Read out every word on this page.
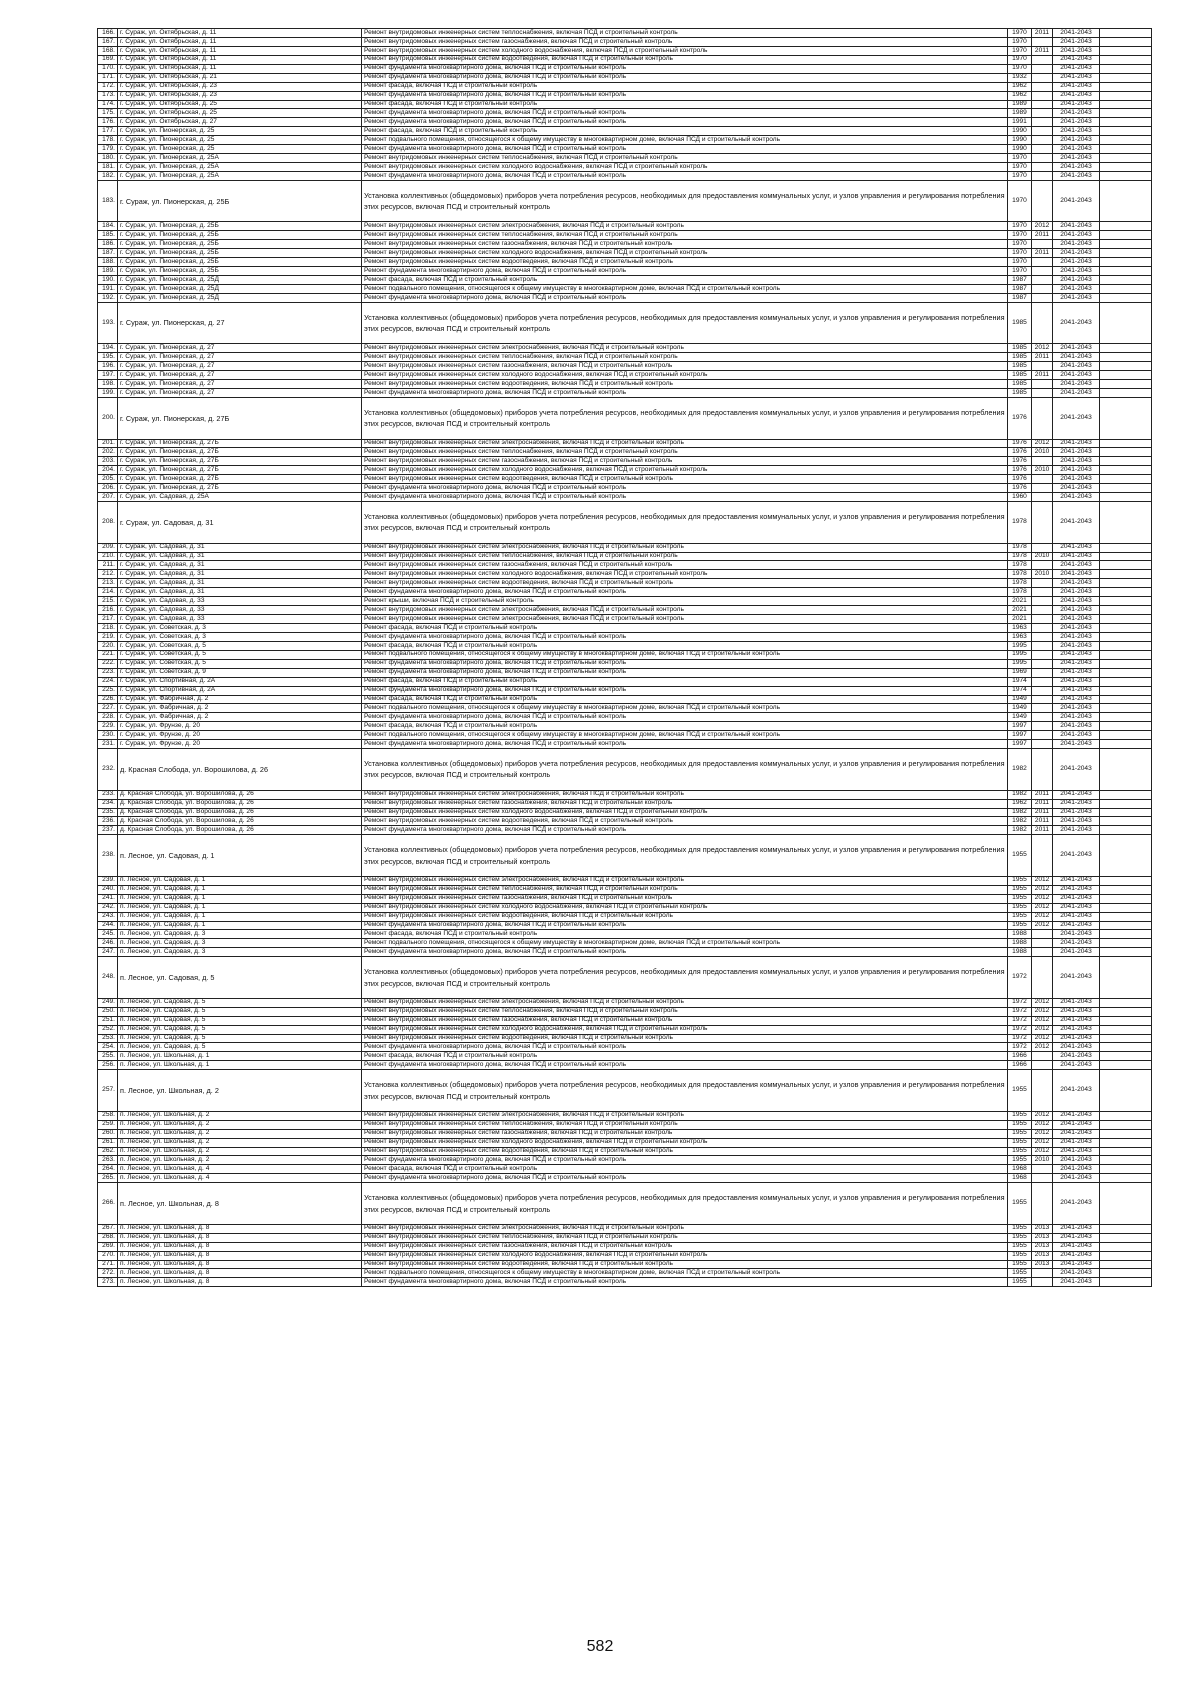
166.	г. Сураж, ул. Октябрьская, д. 11	Ремонт внутридомовых инженерных систем теплоснабжения, включая ПСД и строительный контроль	1970	2011	2041-2043	
167.	г. Сураж, ул. Октябрьская, д. 11	Ремонт внутридомовых инженерных систем газоснабжения, включая ПСД и строительный контроль	1970		2041-2043	
168.	г. Сураж, ул. Октябрьская, д. 11	Ремонт внутридомовых инженерных систем холодного водоснабжения, включая ПСД и строительный контроль	1970	2011	2041-2043	
169.	г. Сураж, ул. Октябрьская, д. 11	Ремонт внутридомовых инженерных систем водоотведения, включая ПСД и строительный контроль	1970		2041-2043	
170.	г. Сураж, ул. Октябрьская, д. 11	Ремонт фундамента многоквартирного дома, включая ПСД и строительный контроль	1970		2041-2043	
171.	г. Сураж, ул. Октябрьская, д. 21	Ремонт фундамента многоквартирного дома, включая ПСД и строительный контроль	1932		2041-2043	
172.	г. Сураж, ул. Октябрьская, д. 23	Ремонт фасада, включая ПСД и строительный контроль	1962		2041-2043	
173.	г. Сураж, ул. Октябрьская, д. 23	Ремонт фундамента многоквартирного дома, включая ПСД и строительный контроль	1962		2041-2043	
174.	г. Сураж, ул. Октябрьская, д. 25	Ремонт фасада, включая ПСД и строительный контроль	1989		2041-2043	
175.	г. Сураж, ул. Октябрьская, д. 25	Ремонт фундамента многоквартирного дома, включая ПСД и строительный контроль	1989		2041-2043	
176.	г. Сураж, ул. Октябрьская, д. 27	Ремонт фундамента многоквартирного дома, включая ПСД и строительный контроль	1991		2041-2043	
177.	г. Сураж, ул. Пионерская, д. 25	Ремонт фасада, включая ПСД и строительный контроль	1990		2041-2043	
178.	г. Сураж, ул. Пионерская, д. 25	Ремонт подвального помещения, относящегося к общему имуществу в многоквартирном доме, включая ПСД и строительный контроль	1990		2041-2043	
179.	г. Сураж, ул. Пионерская, д. 25	Ремонт фундамента многоквартирного дома, включая ПСД и строительный контроль	1990		2041-2043	
180.	г. Сураж, ул. Пионерская, д. 25А	Ремонт внутридомовых инженерных систем теплоснабжения, включая ПСД и строительный контроль	1970		2041-2043	
181.	г. Сураж, ул. Пионерская, д. 25А	Ремонт внутридомовых инженерных систем холодного водоснабжения, включая ПСД и строительный контроль	1970		2041-2043	
182.	г. Сураж, ул. Пионерская, д. 25А	Ремонт фундамента многоквартирного дома, включая ПСД и строительный контроль	1970		2041-2043	
183.	г. Сураж, ул. Пионерская, д. 25Б	Установка коллективных (общедомовых) приборов учета потребления ресурсов, необходимых для предоставления коммунальных услуг, и узлов управления и регулирования потребления этих ресурсов, включая ПСД и строительный контроль	1970		2041-2043	
184.	г. Сураж, ул. Пионерская, д. 25Б	Ремонт внутридомовых инженерных систем электроснабжения, включая ПСД и строительный контроль	1970	2012	2041-2043	
185.	г. Сураж, ул. Пионерская, д. 25Б	Ремонт внутридомовых инженерных систем теплоснабжения, включая ПСД и строительный контроль	1970	2011	2041-2043	
186.	г. Сураж, ул. Пионерская, д. 25Б	Ремонт внутридомовых инженерных систем газоснабжения, включая ПСД и строительный контроль	1970		2041-2043	
187.	г. Сураж, ул. Пионерская, д. 25Б	Ремонт внутридомовых инженерных систем холодного водоснабжения, включая ПСД и строительный контроль	1970	2011	2041-2043	
188.	г. Сураж, ул. Пионерская, д. 25Б	Ремонт внутридомовых инженерных систем водоотведения, включая ПСД и строительный контроль	1970		2041-2043	
189.	г. Сураж, ул. Пионерская, д. 25Б	Ремонт фундамента многоквартирного дома, включая ПСД и строительный контроль	1970		2041-2043	
190.	г. Сураж, ул. Пионерская, д. 25Д	Ремонт фасада, включая ПСД и строительный контроль	1987		2041-2043	
191.	г. Сураж, ул. Пионерская, д. 25Д	Ремонт подвального помещения, относящегося к общему имуществу в многоквартирном доме, включая ПСД и строительный контроль	1987		2041-2043	
192.	г. Сураж, ул. Пионерская, д. 25Д	Ремонт фундамента многоквартирного дома, включая ПСД и строительный контроль	1987		2041-2043	
193.	г. Сураж, ул. Пионерская, д. 27	Установка коллективных (общедомовых) приборов учета потребления ресурсов, необходимых для предоставления коммунальных услуг, и узлов управления и регулирования потребления этих ресурсов, включая ПСД и строительный контроль	1985		2041-2043	
194.	г. Сураж, ул. Пионерская, д. 27	Ремонт внутридомовых инженерных систем электроснабжения, включая ПСД и строительный контроль	1985	2012	2041-2043	
195.	г. Сураж, ул. Пионерская, д. 27	Ремонт внутридомовых инженерных систем теплоснабжения, включая ПСД и строительный контроль	1985	2011	2041-2043	
196.	г. Сураж, ул. Пионерская, д. 27	Ремонт внутридомовых инженерных систем газоснабжения, включая ПСД и строительный контроль	1985		2041-2043	
197.	г. Сураж, ул. Пионерская, д. 27	Ремонт внутридомовых инженерных систем холодного водоснабжения, включая ПСД и строительный контроль	1985	2011	2041-2043	
198.	г. Сураж, ул. Пионерская, д. 27	Ремонт внутридомовых инженерных систем водоотведения, включая ПСД и строительный контроль	1985		2041-2043	
199.	г. Сураж, ул. Пионерская, д. 27	Ремонт фундамента многоквартирного дома, включая ПСД и строительный контроль	1985		2041-2043	
200.	г. Сураж, ул. Пионерская, д. 27Б	Установка коллективных (общедомовых) приборов учета потребления ресурсов, необходимых для предоставления коммунальных услуг, и узлов управления и регулирования потребления этих ресурсов, включая ПСД и строительный контроль	1976		2041-2043	
201.	г. Сураж, ул. Пионерская, д. 27Б	Ремонт внутридомовых инженерных систем электроснабжения, включая ПСД и строительный контроль	1976	2012	2041-2043	
202.	г. Сураж, ул. Пионерская, д. 27Б	Ремонт внутридомовых инженерных систем теплоснабжения, включая ПСД и строительный контроль	1976	2010	2041-2043	
203.	г. Сураж, ул. Пионерская, д. 27Б	Ремонт внутридомовых инженерных систем газоснабжения, включая ПСД и строительный контроль	1976		2041-2043	
204.	г. Сураж, ул. Пионерская, д. 27Б	Ремонт внутридомовых инженерных систем холодного водоснабжения, включая ПСД и строительный контроль	1976	2010	2041-2043	
205.	г. Сураж, ул. Пионерская, д. 27Б	Ремонт внутридомовых инженерных систем водоотведения, включая ПСД и строительный контроль	1976		2041-2043	
206.	г. Сураж, ул. Пионерская, д. 27Б	Ремонт фундамента многоквартирного дома, включая ПСД и строительный контроль	1976		2041-2043	
207.	г. Сураж, ул. Садовая, д. 25А	Ремонт фундамента многоквартирного дома, включая ПСД и строительный контроль	1960		2041-2043	
208.	г. Сураж, ул. Садовая, д. 31	Установка коллективных (общедомовых) приборов учета потребления ресурсов, необходимых для предоставления коммунальных услуг, и узлов управления и регулирования потребления этих ресурсов, включая ПСД и строительный контроль	1978		2041-2043	
209.	г. Сураж, ул. Садовая, д. 31	Ремонт внутридомовых инженерных систем электроснабжения, включая ПСД и строительный контроль	1978		2041-2043	
210.	г. Сураж, ул. Садовая, д. 31	Ремонт внутридомовых инженерных систем теплоснабжения, включая ПСД и строительный контроль	1978	2010	2041-2043	
211.	г. Сураж, ул. Садовая, д. 31	Ремонт внутридомовых инженерных систем газоснабжения, включая ПСД и строительный контроль	1978		2041-2043	
212.	г. Сураж, ул. Садовая, д. 31	Ремонт внутридомовых инженерных систем холодного водоснабжения, включая ПСД и строительный контроль	1978	2010	2041-2043	
213.	г. Сураж, ул. Садовая, д. 31	Ремонт внутридомовых инженерных систем водоотведения, включая ПСД и строительный контроль	1978		2041-2043	
214.	г. Сураж, ул. Садовая, д. 31	Ремонт фундамента многоквартирного дома, включая ПСД и строительный контроль	1978		2041-2043	
215.	г. Сураж, ул. Садовая, д. 33	Ремонт крыши, включая ПСД и строительный контроль	2021		2041-2043	
216.	г. Сураж, ул. Садовая, д. 33	Ремонт внутридомовых инженерных систем электроснабжения, включая ПСД и строительный контроль	2021		2041-2043	
217.	г. Сураж, ул. Садовая, д. 33	Ремонт внутридомовых инженерных систем электроснабжения, включая ПСД и строительный контроль	2021		2041-2043	
218.	г. Сураж, ул. Советская, д. 3	Ремонт фасада, включая ПСД и строительный контроль	1963		2041-2043	
219.	г. Сураж, ул. Советская, д. 3	Ремонт фундамента многоквартирного дома, включая ПСД и строительный контроль	1963		2041-2043	
220.	г. Сураж, ул. Советская, д. 5	Ремонт фасада, включая ПСД и строительный контроль	1995		2041-2043	
221.	г. Сураж, ул. Советская, д. 5	Ремонт подвального помещения, относящегося к общему имуществу в многоквартирном доме, включая ПСД и строительный контроль	1995		2041-2043	
222.	г. Сураж, ул. Советская, д. 5	Ремонт фундамента многоквартирного дома, включая ПСД и строительный контроль	1995		2041-2043	
223.	г. Сураж, ул. Советская, д. 9	Ремонт фундамента многоквартирного дома, включая ПСД и строительный контроль	1969		2041-2043	
224.	г. Сураж, ул. Спортивная, д. 2А	Ремонт фасада, включая ПСД и строительный контроль	1974		2041-2043	
225.	г. Сураж, ул. Спортивная, д. 2А	Ремонт фундамента многоквартирного дома, включая ПСД и строительный контроль	1974		2041-2043	
226.	г. Сураж, ул. Фабричная, д. 2	Ремонт фасада, включая ПСД и строительный контроль	1949		2041-2043	
227.	г. Сураж, ул. Фабричная, д. 2	Ремонт подвального помещения, относящегося к общему имуществу в многоквартирном доме, включая ПСД и строительный контроль	1949		2041-2043	
228.	г. Сураж, ул. Фабричная, д. 2	Ремонт фундамента многоквартирного дома, включая ПСД и строительный контроль	1949		2041-2043	
229.	г. Сураж, ул. Фрунзе, д. 20	Ремонт фасада, включая ПСД и строительный контроль	1997		2041-2043	
230.	г. Сураж, ул. Фрунзе, д. 20	Ремонт подвального помещения, относящегося к общему имуществу в многоквартирном доме, включая ПСД и строительный контроль	1997		2041-2043	
231.	г. Сураж, ул. Фрунзе, д. 20	Ремонт фундамента многоквартирного дома, включая ПСД и строительный контроль	1997		2041-2043	
232.	д. Красная Слобода, ул. Ворошилова, д. 26	Установка коллективных (общедомовых) приборов учета потребления ресурсов, необходимых для предоставления коммунальных услуг, и узлов управления и регулирования потребления этих ресурсов, включая ПСД и строительный контроль	1982		2041-2043	
233.	д. Красная Слобода, ул. Ворошилова, д. 26	Ремонт внутридомовых инженерных систем электроснабжения, включая ПСД и строительный контроль	1982	2011	2041-2043	
234.	д. Красная Слобода, ул. Ворошилова, д. 26	Ремонт внутридомовых инженерных систем газоснабжения, включая ПСД и строительный контроль	1962	2011	2041-2043	
235.	д. Красная Слобода, ул. Ворошилова, д. 26	Ремонт внутридомовых инженерных систем холодного водоснабжения, включая ПСД и строительный контроль	1982	2011	2041-2043	
236.	д. Красная Слобода, ул. Ворошилова, д. 26	Ремонт внутридомовых инженерных систем водоотведения, включая ПСД и строительный контроль	1982	2011	2041-2043	
237.	д. Красная Слобода, ул. Ворошилова, д. 26	Ремонт фундамента многоквартирного дома, включая ПСД и строительный контроль	1982	2011	2041-2043	
238.	п. Лесное, ул. Садовая, д. 1	Установка коллективных (общедомовых) приборов учета потребления ресурсов, необходимых для предоставления коммунальных услуг, и узлов управления и регулирования потребления этих ресурсов, включая ПСД и строительный контроль	1955		2041-2043	
239.	п. Лесное, ул. Садовая, д. 1	Ремонт внутридомовых инженерных систем электроснабжения, включая ПСД и строительный контроль	1955	2012	2041-2043	
240.	п. Лесное, ул. Садовая, д. 1	Ремонт внутридомовых инженерных систем теплоснабжения, включая ПСД и строительный контроль	1955	2012	2041-2043	
241.	п. Лесное, ул. Садовая, д. 1	Ремонт внутридомовых инженерных систем газоснабжения, включая ПСД и строительный контроль	1955	2012	2041-2043	
242.	п. Лесное, ул. Садовая, д. 1	Ремонт внутридомовых инженерных систем холодного водоснабжения, включая ПСД и строительный контроль	1955	2012	2041-2043	
243.	п. Лесное, ул. Садовая, д. 1	Ремонт внутридомовых инженерных систем водоотведения, включая ПСД и строительный контроль	1955	2012	2041-2043	
244.	п. Лесное, ул. Садовая, д. 1	Ремонт фундамента многоквартирного дома, включая ПСД и строительный контроль	1955	2012	2041-2043	
245.	п. Лесное, ул. Садовая, д. 3	Ремонт фасада, включая ПСД и строительный контроль	1988		2041-2043	
246.	п. Лесное, ул. Садовая, д. 3	Ремонт подвального помещения, относящегося к общему имуществу в многоквартирном доме, включая ПСД и строительный контроль	1988		2041-2043	
247.	п. Лесное, ул. Садовая, д. 3	Ремонт фундамента многоквартирного дома, включая ПСД и строительный контроль	1988		2041-2043	
248.	п. Лесное, ул. Садовая, д. 5	Установка коллективных (общедомовых) приборов учета потребления ресурсов, необходимых для предоставления коммунальных услуг, и узлов управления и регулирования потребления этих ресурсов, включая ПСД и строительный контроль	1972		2041-2043	
249.	п. Лесное, ул. Садовая, д. 5	Ремонт внутридомовых инженерных систем электроснабжения, включая ПСД и строительный контроль	1972	2012	2041-2043	
250.	п. Лесное, ул. Садовая, д. 5	Ремонт внутридомовых инженерных систем теплоснабжения, включая ПСД и строительный контроль	1972	2012	2041-2043	
251.	п. Лесное, ул. Садовая, д. 5	Ремонт внутридомовых инженерных систем газоснабжения, включая ПСД и строительный контроль	1972	2012	2041-2043	
252.	п. Лесное, ул. Садовая, д. 5	Ремонт внутридомовых инженерных систем холодного водоснабжения, включая ПСД и строительный контроль	1972	2012	2041-2043	
253.	п. Лесное, ул. Садовая, д. 5	Ремонт внутридомовых инженерных систем водоотведения, включая ПСД и строительный контроль	1972	2012	2041-2043	
254.	п. Лесное, ул. Садовая, д. 5	Ремонт фундамента многоквартирного дома, включая ПСД и строительный контроль	1972	2012	2041-2043	
255.	п. Лесное, ул. Школьная, д. 1	Ремонт фасада, включая ПСД и строительный контроль	1966		2041-2043	
256.	п. Лесное, ул. Школьная, д. 1	Ремонт фундамента многоквартирного дома, включая ПСД и строительный контроль	1966		2041-2043	
257.	п. Лесное, ул. Школьная, д. 2	Установка коллективных (общедомовых) приборов учета потребления ресурсов, необходимых для предоставления коммунальных услуг, и узлов управления и регулирования потребления этих ресурсов, включая ПСД и строительный контроль	1955		2041-2043	
258.	п. Лесное, ул. Школьная, д. 2	Ремонт внутридомовых инженерных систем электроснабжения, включая ПСД и строительный контроль	1955	2012	2041-2043	
259.	п. Лесное, ул. Школьная, д. 2	Ремонт внутридомовых инженерных систем теплоснабжения, включая ПСД и строительный контроль	1955	2012	2041-2043	
260.	п. Лесное, ул. Школьная, д. 2	Ремонт внутридомовых инженерных систем газоснабжения, включая ПСД и строительный контроль	1955	2012	2041-2043	
261.	п. Лесное, ул. Школьная, д. 2	Ремонт внутридомовых инженерных систем холодного водоснабжения, включая ПСД и строительный контроль	1955	2012	2041-2043	
262.	п. Лесное, ул. Школьная, д. 2	Ремонт внутридомовых инженерных систем водоотведения, включая ПСД и строительный контроль	1955	2012	2041-2043	
263.	п. Лесное, ул. Школьная, д. 2	Ремонт фундамента многоквартирного дома, включая ПСД и строительный контроль	1955	2010	2041-2043	
264.	п. Лесное, ул. Школьная, д. 4	Ремонт фасада, включая ПСД и строительный контроль	1968		2041-2043	
265.	п. Лесное, ул. Школьная, д. 4	Ремонт фундамента многоквартирного дома, включая ПСД и строительный контроль	1968		2041-2043	
266.	п. Лесное, ул. Школьная, д. 8	Установка коллективных (общедомовых) приборов учета потребления ресурсов, необходимых для предоставления коммунальных услуг, и узлов управления и регулирования потребления этих ресурсов, включая ПСД и строительный контроль	1955		2041-2043	
267.	п. Лесное, ул. Школьная, д. 8	Ремонт внутридомовых инженерных систем электроснабжения, включая ПСД и строительный контроль	1955	2013	2041-2043	
268.	п. Лесное, ул. Школьная, д. 8	Ремонт внутридомовых инженерных систем теплоснабжения, включая ПСД и строительный контроль	1955	2013	2041-2043	
269.	п. Лесное, ул. Школьная, д. 8	Ремонт внутридомовых инженерных систем газоснабжения, включая ПСД и строительный контроль	1955	2013	2041-2043	
270.	п. Лесное, ул. Школьная, д. 8	Ремонт внутридомовых инженерных систем холодного водоснабжения, включая ПСД и строительный контроль	1955	2013	2041-2043	
271.	п. Лесное, ул. Школьная, д. 8	Ремонт внутридомовых инженерных систем водоотведения, включая ПСД и строительный контроль	1955	2013	2041-2043	
272.	п. Лесное, ул. Школьная, д. 8	Ремонт подвального помещения, относящегося к общему имуществу в многоквартирном доме, включая ПСД и строительный контроль	1955		2041-2043	
273.	п. Лесное, ул. Школьная, д. 8	Ремонт фундамента многоквартирного дома, включая ПСД и строительный контроль	1955		2041-2043	
582
